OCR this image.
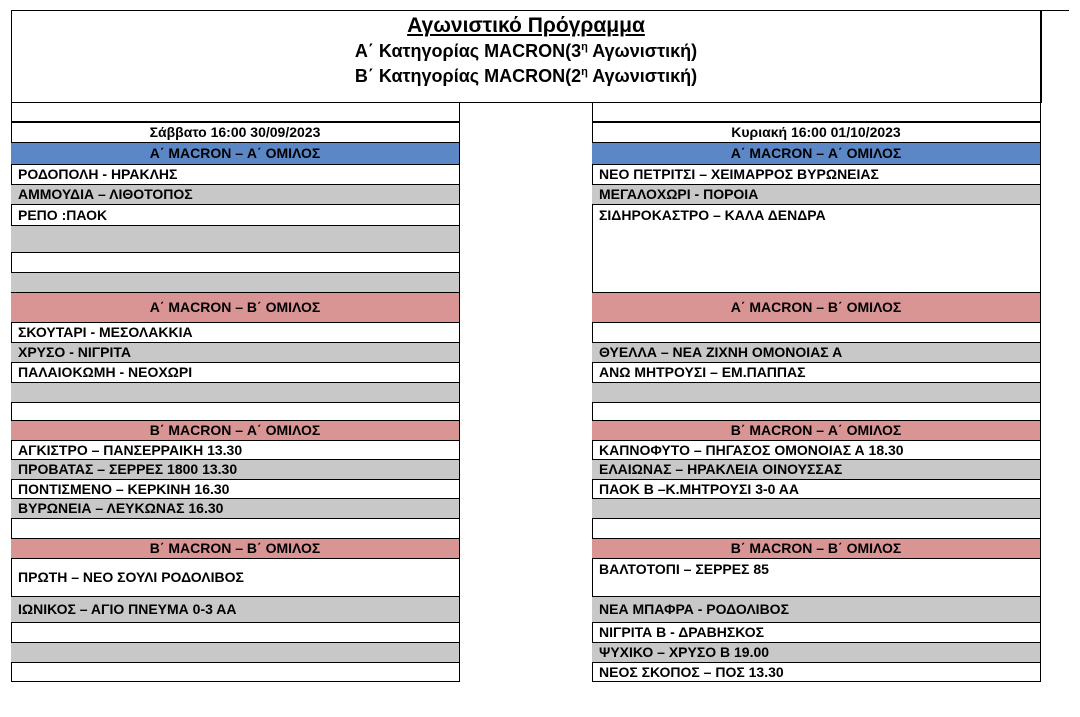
Αγωνιστικό Πρόγραμμα
Α΄ Κατηγορίας $MACRON(3^\eta$ Αγωνιστική)
Β΄ Κατηγορίας $MACRON(2^\eta$ Αγωνιστική)
Σάββατο 16:00 30/09/2023
Α΄ MACRON – Α΄ ΟΜΙΛΟΣ
ΡΟΔΟΠΟΛΗ - ΗΡΑΚΛΗΣ
ΑΜΜΟΥΔΙΑ – ΛΙΘΟΤΟΠΟΣ
ΡΕΠΟ :ΠΑΟΚ
Α΄ MACRON – Β΄ ΟΜΙΛΟΣ
ΣΚΟΥΤΑΡΙ - ΜΕΣΟΛΑΚΚΙΑ
ΧΡΥΣΟ - ΝΙΓΡΙΤΑ
ΠΑΛΑΙΟΚΩΜΗ - ΝΕΟΧΩΡΙ
Β΄ MACRON – Α΄ ΟΜΙΛΟΣ
ΑΓΚΙΣΤΡΟ – ΠΑΝΣΕΡΡΑΙΚΗ 13.30
ΠΡΟΒΑΤΑΣ – ΣΕΡΡΕΣ 1800 13.30
ΠΟΝΤΙΣΜΕΝΟ – ΚΕΡΚΙΝΗ 16.30
ΒΥΡΩΝΕΙΑ – ΛΕΥΚΩΝΑΣ 16.30
Β΄ MACRON – Β΄ ΟΜΙΛΟΣ
ΠΡΩΤΗ – ΝΕΟ ΣΟΥΛΙ ΡΟΔΟΛΙΒΟΣ
ΙΩΝΙΚΟΣ – ΑΓΙΟ ΠΝΕΥΜΑ 0-3 ΑΑ
Κυριακή 16:00 01/10/2023
Α΄ MACRON – Α΄ ΟΜΙΛΟΣ
ΝΕΟ ΠΕΤΡΙΤΣΙ – ΧΕΙΜΑΡΡΟΣ ΒΥΡΩΝΕΙΑΣ
ΜΕΓΑΛΟΧΩΡΙ - ΠΟΡΟΙΑ
ΣΙΔΗΡΟΚΑΣΤΡΟ – ΚΑΛΑ ΔΕΝΔΡΑ
Α΄ MACRON – Β΄ ΟΜΙΛΟΣ
ΘΥΕΛΛΑ – ΝΕΑ ΖΙΧΝΗ ΟΜΟΝΟΙΑΣ Α
ΑΝΩ ΜΗΤΡΟΥΣΙ – ΕΜ.ΠΑΠΠΑΣ
Β΄ MACRON – Α΄ ΟΜΙΛΟΣ
ΚΑΠΝΟΦΥΤΟ – ΠΗΓΑΣΟΣ ΟΜΟΝΟΙΑΣ Α 18.30
ΕΛΑΙΩΝΑΣ – ΗΡΑΚΛΕΙΑ ΟΙΝΟΥΣΣΑΣ
ΠΑΟΚ Β –Κ.ΜΗΤΡΟΥΣΙ 3-0 ΑΑ
Β΄ MACRON – Β΄ ΟΜΙΛΟΣ
ΒΑΛΤΟΤΟΠΙ – ΣΕΡΡΕΣ 85
ΝΕΑ ΜΠΑΦΡΑ - ΡΟΔΟΛΙΒΟΣ
ΝΙΓΡΙΤΑ Β - ΔΡΑΒΗΣΚΟΣ
ΨΥΧΙΚΟ – ΧΡΥΣΟ Β 19.00
ΝΕΟΣ ΣΚΟΠΟΣ – ΠΟΣ 13.30
